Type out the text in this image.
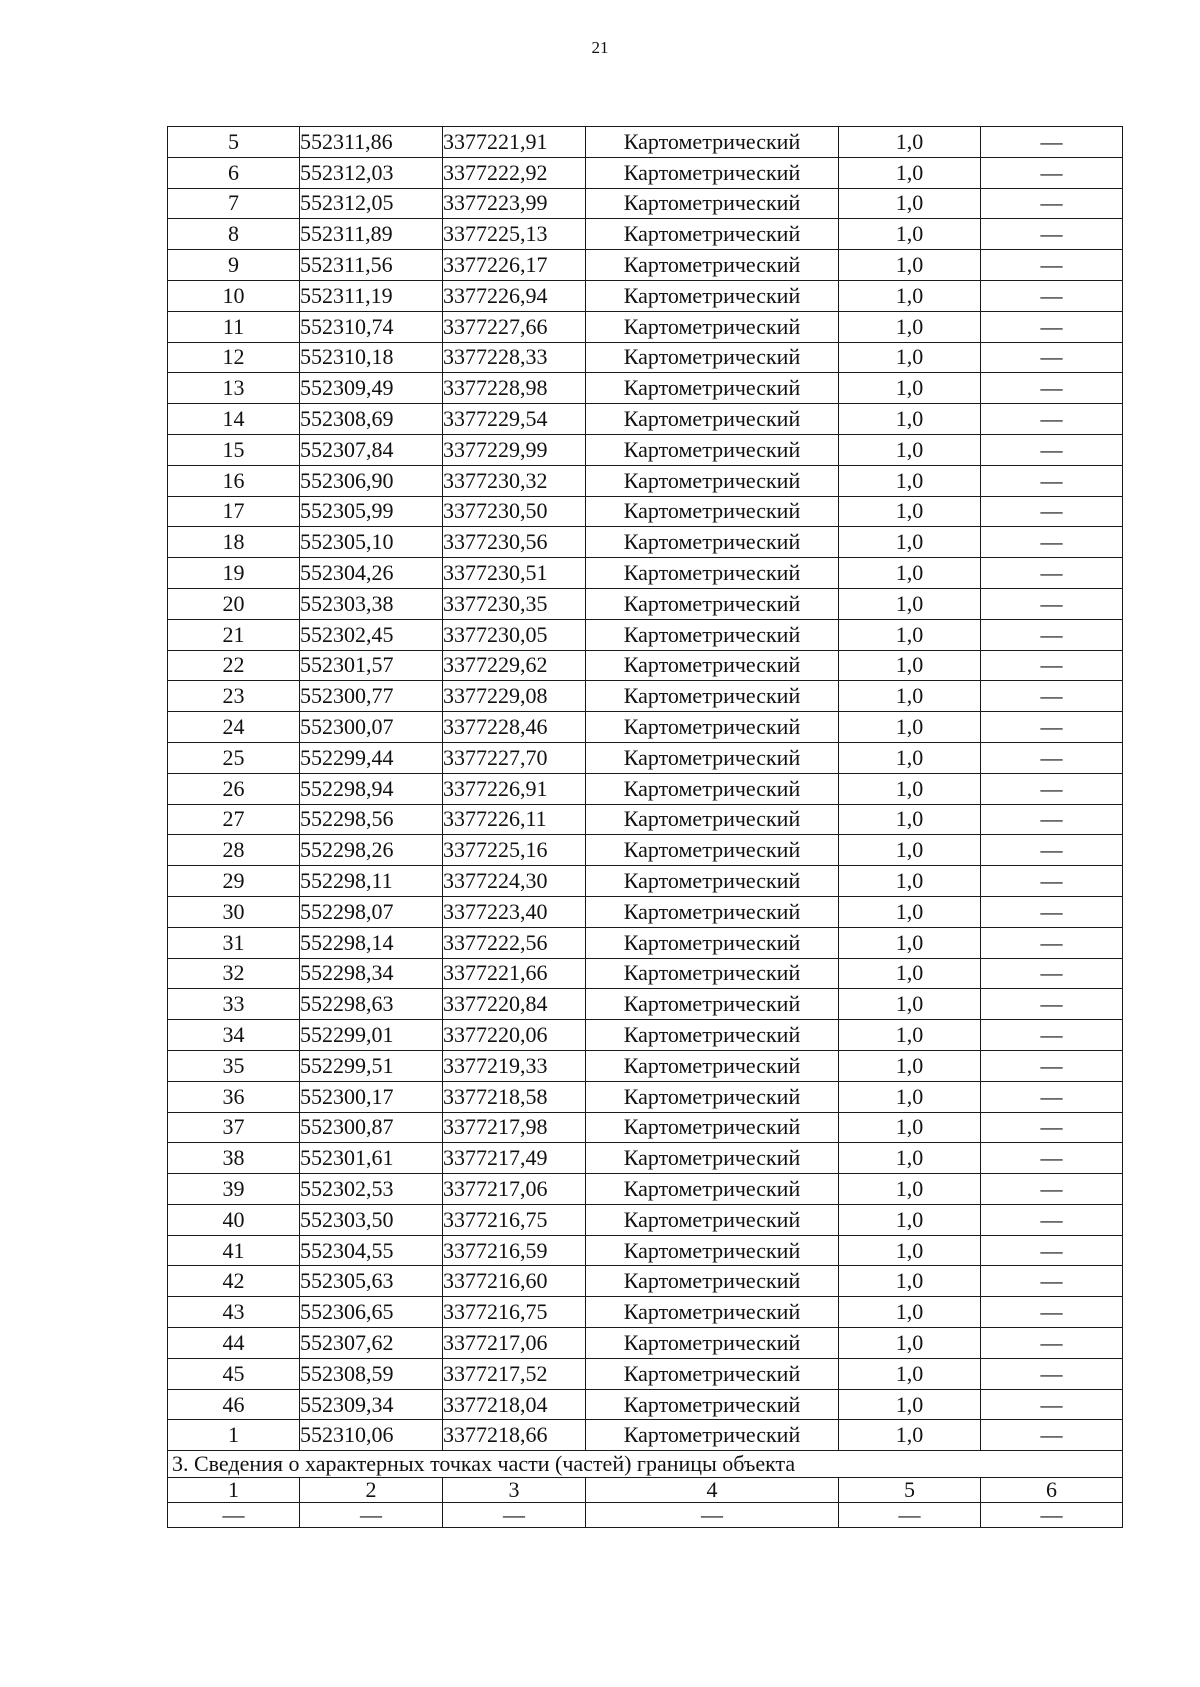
21
5	552311,86	3377221,91	Картометрический	1,0	—
6	552312,03	3377222,92	Картометрический	1,0	—
7	552312,05	3377223,99	Картометрический	1,0	—
8	552311,89	3377225,13	Картометрический	1,0	—
9	552311,56	3377226,17	Картометрический	1,0	—
10	552311,19	3377226,94	Картометрический	1,0	—
11	552310,74	3377227,66	Картометрический	1,0	—
12	552310,18	3377228,33	Картометрический	1,0	—
13	552309,49	3377228,98	Картометрический	1,0	—
14	552308,69	3377229,54	Картометрический	1,0	—
15	552307,84	3377229,99	Картометрический	1,0	—
16	552306,90	3377230,32	Картометрический	1,0	—
17	552305,99	3377230,50	Картометрический	1,0	—
18	552305,10	3377230,56	Картометрический	1,0	—
19	552304,26	3377230,51	Картометрический	1,0	—
20	552303,38	3377230,35	Картометрический	1,0	—
21	552302,45	3377230,05	Картометрический	1,0	—
22	552301,57	3377229,62	Картометрический	1,0	—
23	552300,77	3377229,08	Картометрический	1,0	—
24	552300,07	3377228,46	Картометрический	1,0	—
25	552299,44	3377227,70	Картометрический	1,0	—
26	552298,94	3377226,91	Картометрический	1,0	—
27	552298,56	3377226,11	Картометрический	1,0	—
28	552298,26	3377225,16	Картометрический	1,0	—
29	552298,11	3377224,30	Картометрический	1,0	—
30	552298,07	3377223,40	Картометрический	1,0	—
31	552298,14	3377222,56	Картометрический	1,0	—
32	552298,34	3377221,66	Картометрический	1,0	—
33	552298,63	3377220,84	Картометрический	1,0	—
34	552299,01	3377220,06	Картометрический	1,0	—
35	552299,51	3377219,33	Картометрический	1,0	—
36	552300,17	3377218,58	Картометрический	1,0	—
37	552300,87	3377217,98	Картометрический	1,0	—
38	552301,61	3377217,49	Картометрический	1,0	—
39	552302,53	3377217,06	Картометрический	1,0	—
40	552303,50	3377216,75	Картометрический	1,0	—
41	552304,55	3377216,59	Картометрический	1,0	—
42	552305,63	3377216,60	Картометрический	1,0	—
43	552306,65	3377216,75	Картометрический	1,0	—
44	552307,62	3377217,06	Картометрический	1,0	—
45	552308,59	3377217,52	Картометрический	1,0	—
46	552309,34	3377218,04	Картометрический	1,0	—
1	552310,06	3377218,66	Картометрический	1,0	—
3. Сведения о характерных точках части (частей) границы объекта					
1	2	3	4	5	6
—	—	—	—	—	—
